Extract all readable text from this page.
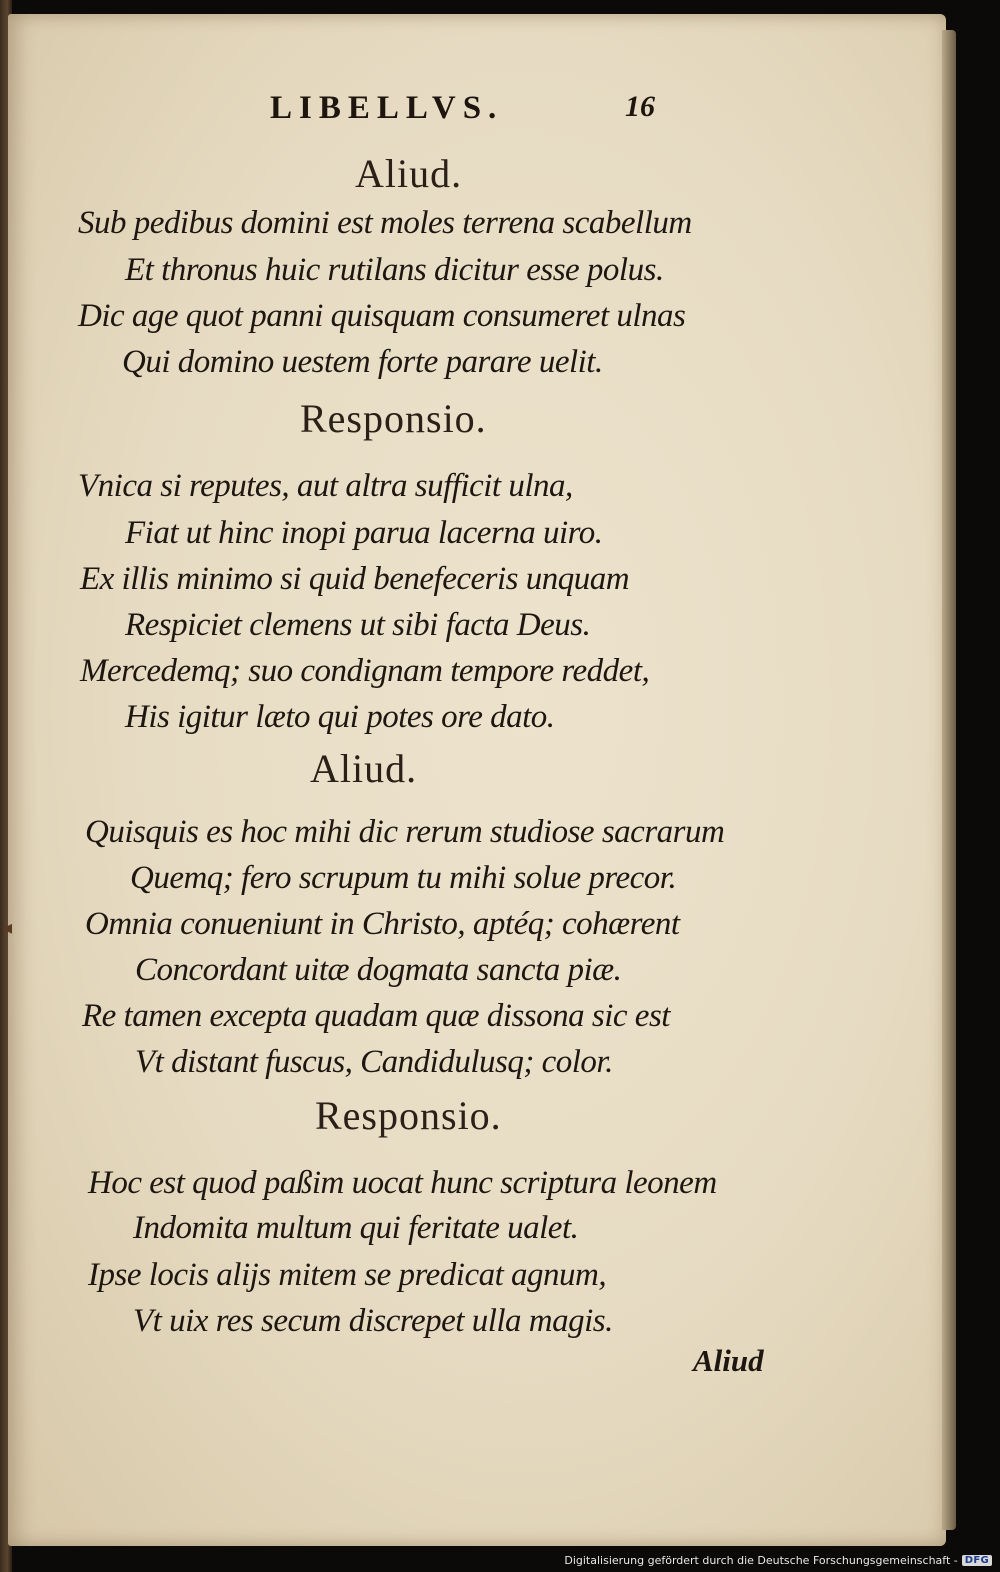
◂
LIBELLVS.	16
Aliud.
Sub pedibus domini est moles terrena scabellum
Et thronus huic rutilans dicitur esse polus.
Dic age quot panni quisquam consumeret ulnas
Qui domino uestem forte parare uelit.
Responsio.
Vnica si reputes, aut altra sufficit ulna,
Fiat ut hinc inopi parua lacerna uiro.
Ex illis minimo si quid benefeceris unquam
Respiciet clemens ut sibi facta Deus.
Mercedemq; suo condignam tempore reddet,
His igitur læto qui potes ore dato.
Aliud.
Quisquis es hoc mihi dic rerum studiose sacrarum
Quemq; fero scrupum tu mihi solue precor.
Omnia conueniunt in Christo, aptéq; cohærent
Concordant uitæ dogmata sancta piæ.
Re tamen excepta quadam quæ dissona sic est
Vt distant fuscus, Candidulusq; color.
Responsio.
Hoc est quod paßim uocat hunc scriptura leonem
Indomita multum qui feritate ualet.
Ipse locis alijs mitem se predicat agnum,
Vt uix res secum discrepet ulla magis.
Aliud
Digitalisierung gefördert durch die Deutsche Forschungsgemeinschaft - DFG
